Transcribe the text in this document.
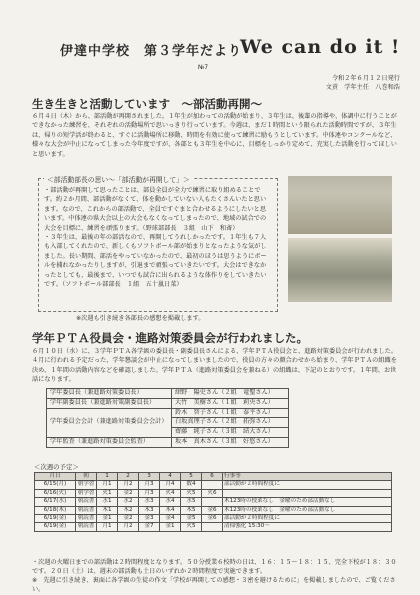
伊達中学校　第３学年だより
We can do it !
№7
令和２年６月１２日発行
文責　学年主任　八巻和浩
生き生きと活動しています　～部活動再開～
６月４日（木）から、部活動が再開されました。１年生が加わっての活動が始まり、３年生は、後輩の指導や、体調中に行うことができなかった練習を、それぞれの活動場所で思いっきり行っています。今週は、まだ１時間という限られた活動時間ですが、３年生は、帰りの短学活が終わると、すぐに活動場所に移動、時間を有効に使って練習に励もうとしています。中体連やコンクールなど、様々な大会が中止になってしまった今年度ですが、各部とも３年生を中心に、目標をしっかり定めて、充実した活動を行ってほしいと思います。
＜部活動部長の思い～「部活動が再開して」＞
・部活動が再開して思ったことは、部員全員が全力で練習に取り組めることです。約２か月間、部活動がなくて、体を動かしていない人もたくさんいたと思います。なので、これからの部活動で、全員ですぐまと合わせるようにしたいと思います。中体連の県大会以上の大会もなくなってしまったので、地域の試合での大会を目標に、練習を頑張ります。（野球部部長　３組　山下　和斎）
・３年生は、最後の年の部活なので、再開してうれしかったです。１年生も７人も入部してくれたので、新しくもソフトボール部が始まりとなったような気がしました。長い期間、部活をやっていなかったので、最初のほうは思うようにボールを捕れなかったりしますが、引退まで頑張っていきたいです。大会はできなかったとしても、最後まで、いつでも試合に出られるような体作りをしていきたいです。（ソフトボール部部長　１組　五十嵐日菜）
※次週も引き続き各部長の感想を掲載します。
学年ＰＴＡ役員会・進路対策委員会が行われました。
６月１０日（水）に、３学年ＰＴＡ各学級の委員長・副委員長さんによる、学年ＰＴＡ役員会と、進路対策委員会が行われました。４月に行われる予定だった、学年懇談会が中止になってしまいましたので、役員の方々の顔合わせから始まり、学年ＰＴＡの組織を決め、１年間の活動内容などを確認しました。学年ＰＴＡ（進路対策委員会を兼ねる）の組織は、下記のとおりです。１年間、お世話になります。
学年委員長（兼進路対策委員長）	紺野　陽史さん（２組　竜聖さん）
学年副委員長（兼進路対策副委員長）	大竹　美樹さん（１組　莉央さん）
学年委員会会計（兼進路対策委員会会計）	鈴木　智子さん（１組　泰平さん）
	白坂真理子さん（２組　拓弥さん）
	齋藤　純子さん（３組　結大さん）
学年監査（兼進路対策委員会監査）	坂本　真木さん（３組　好悠さん）
＜次週の予定＞
月日	朝	1	2	3	4	5	6	行事等
6/15(月)	朝学習	月1	月2	月3	月4	数4		部活動が２時間程度に
6/16(火)	朝学習	火1	金2	月3	火4	火5	火6	
6/17(水)	朝読書	水1	水2	水3	水4	水5		木123時の授業なし　金曜のため部活動なし
6/18(木)	朝読書	木1	木2	木3	木4	木5	金6	木123時の授業なし　金曜のため部活動なし
6/19(金)	朝読書	金1	金2	金3	金4	金5	金6	部活動が２時間程度に
6/19(金)	朝読書	月1	月2	金7	金1	火5		清掃強化 15:30～
・次週の火曜日までの部活動は２時間程度となります。５０分授業６校時の日は、１６：１５～１８：１５、完全下校が１８：３０です。２０日（土）は、週末の部活動も土日のいずれか２時間程度で実施できます。
※　先週に引き続き、裏面に各学級の生徒の作文「学校が再開しての感想・３密を避けるために」を掲載しましたので、ご覧ください。
